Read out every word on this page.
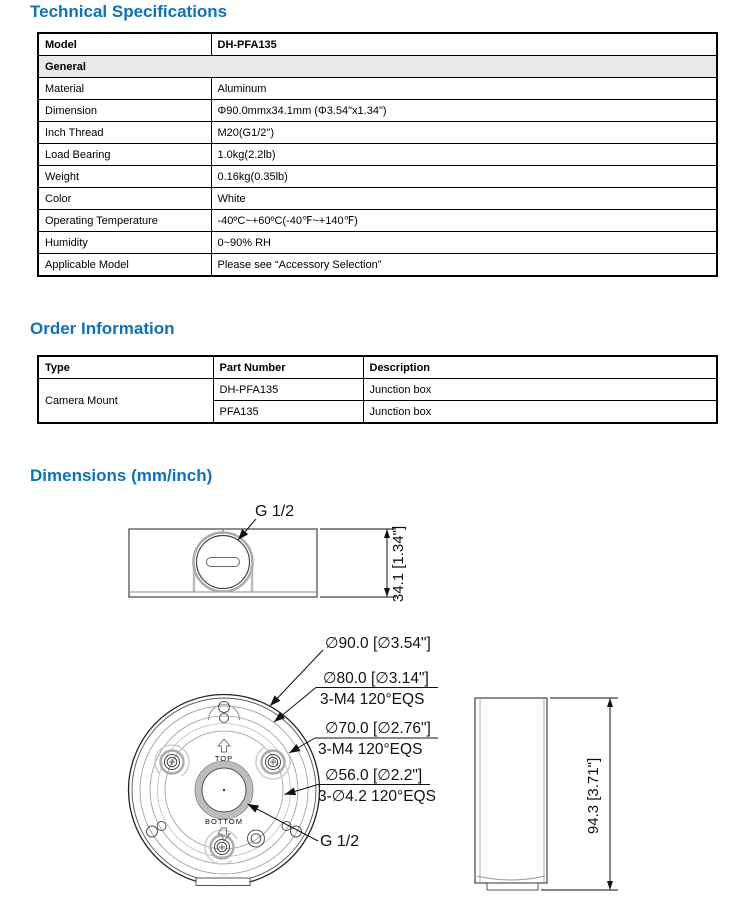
Technical Specifications
Model	DH-PFA135
General	
Material	Aluminum
Dimension	Φ90.0mmx34.1mm (Φ3.54"x1.34")
Inch Thread	M20(G1/2")
Load Bearing	1.0kg(2.2lb)
Weight	0.16kg(0.35lb)
Color	White
Operating Temperature	-40ºC~+60ºC(-40℉~+140℉)
Humidity	0~90% RH
Applicable Model	Please see “Accessory Selection”
Order Information
Type	Part Number	Description
Camera Mount	DH-PFA135	Junction box
	PFA135	Junction box
Dimensions (mm/inch)
G 1/2
34.1 [1.34"]
TOP
BOTTOM
∅90.0 [∅3.54"]
∅80.0 [∅3.14"]
3-M4 120°EQS
∅70.0 [∅2.76"]
3-M4 120°EQS
∅56.0 [∅2.2"]
3-∅4.2 120°EQS
G 1/2
94.3 [3.71"]
